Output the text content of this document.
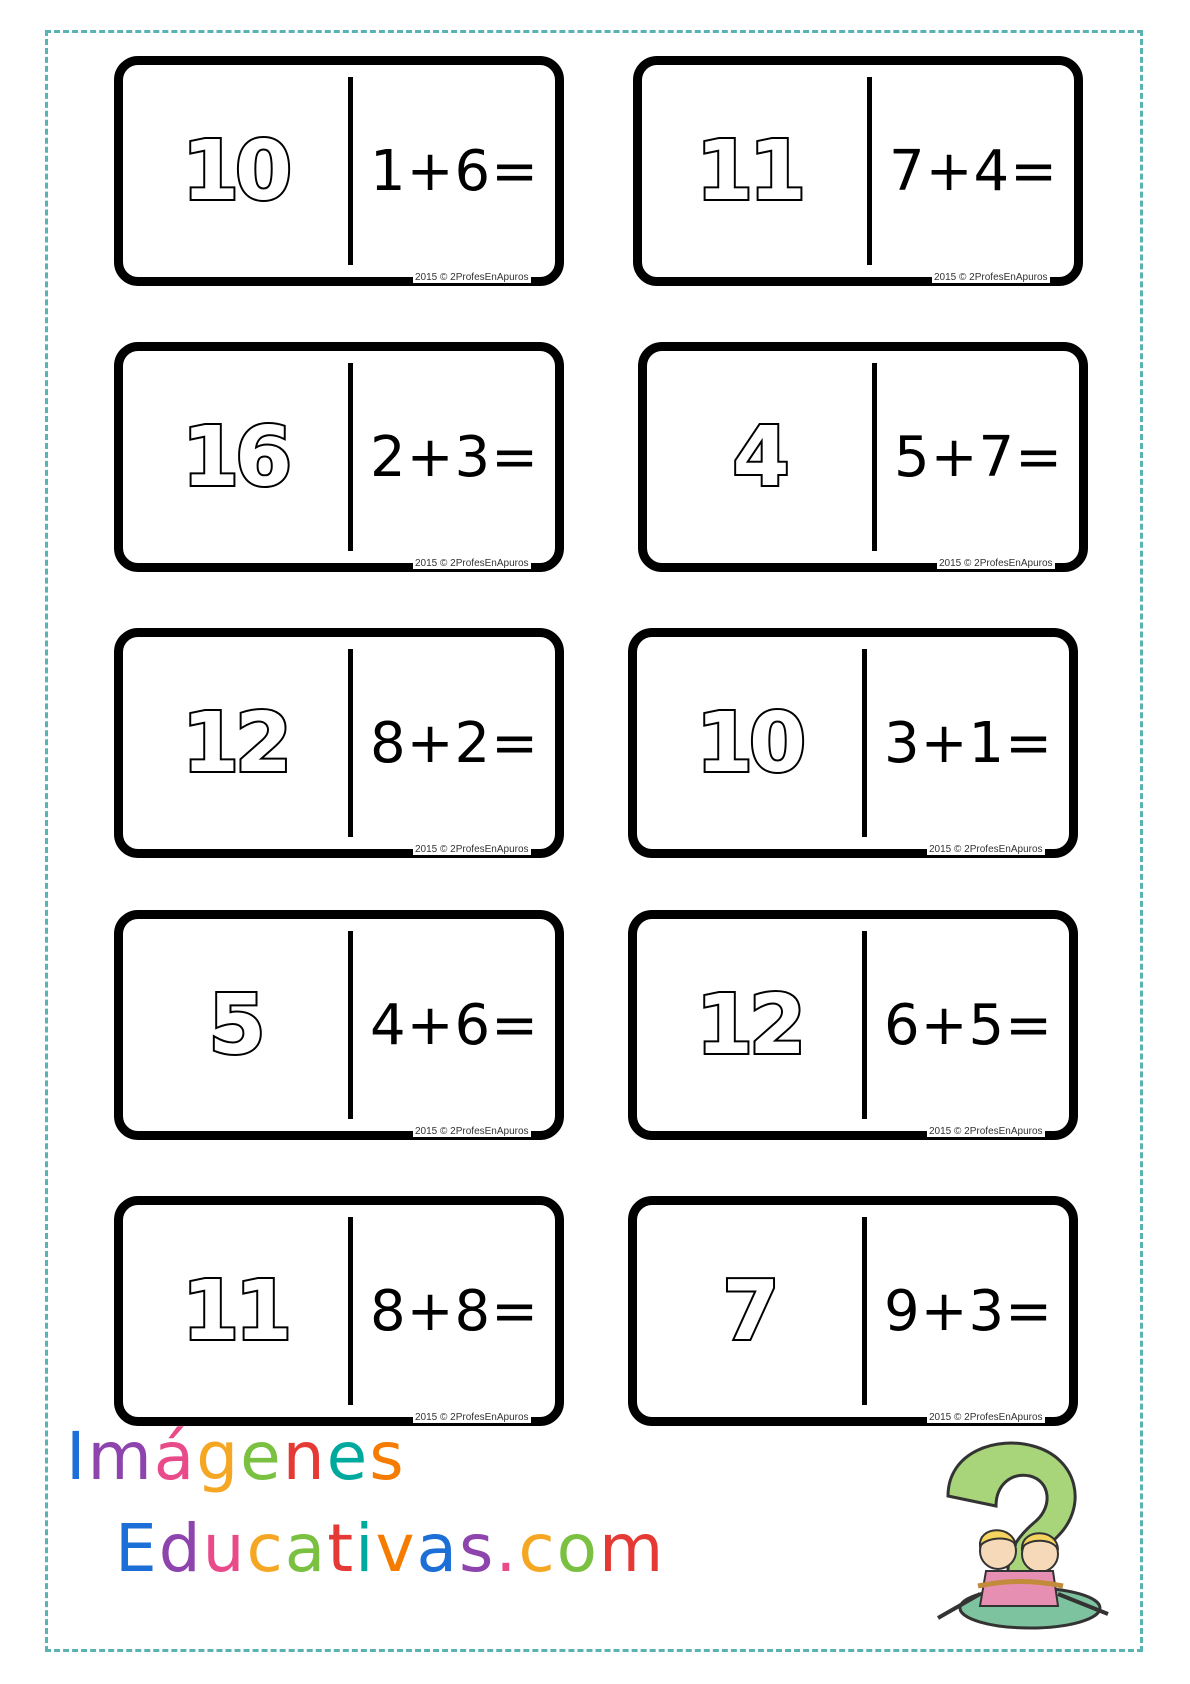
10	1+6=
2015 © 2ProfesEnApuros
11	7+4=
2015 © 2ProfesEnApuros
16	2+3=
2015 © 2ProfesEnApuros
4	5+7=
2015 © 2ProfesEnApuros
12	8+2=
2015 © 2ProfesEnApuros
10	3+1=
2015 © 2ProfesEnApuros
5	4+6=
2015 © 2ProfesEnApuros
12	6+5=
2015 © 2ProfesEnApuros
11	8+8=
2015 © 2ProfesEnApuros
7	9+3=
2015 © 2ProfesEnApuros
Imágenes
Educativas.com
